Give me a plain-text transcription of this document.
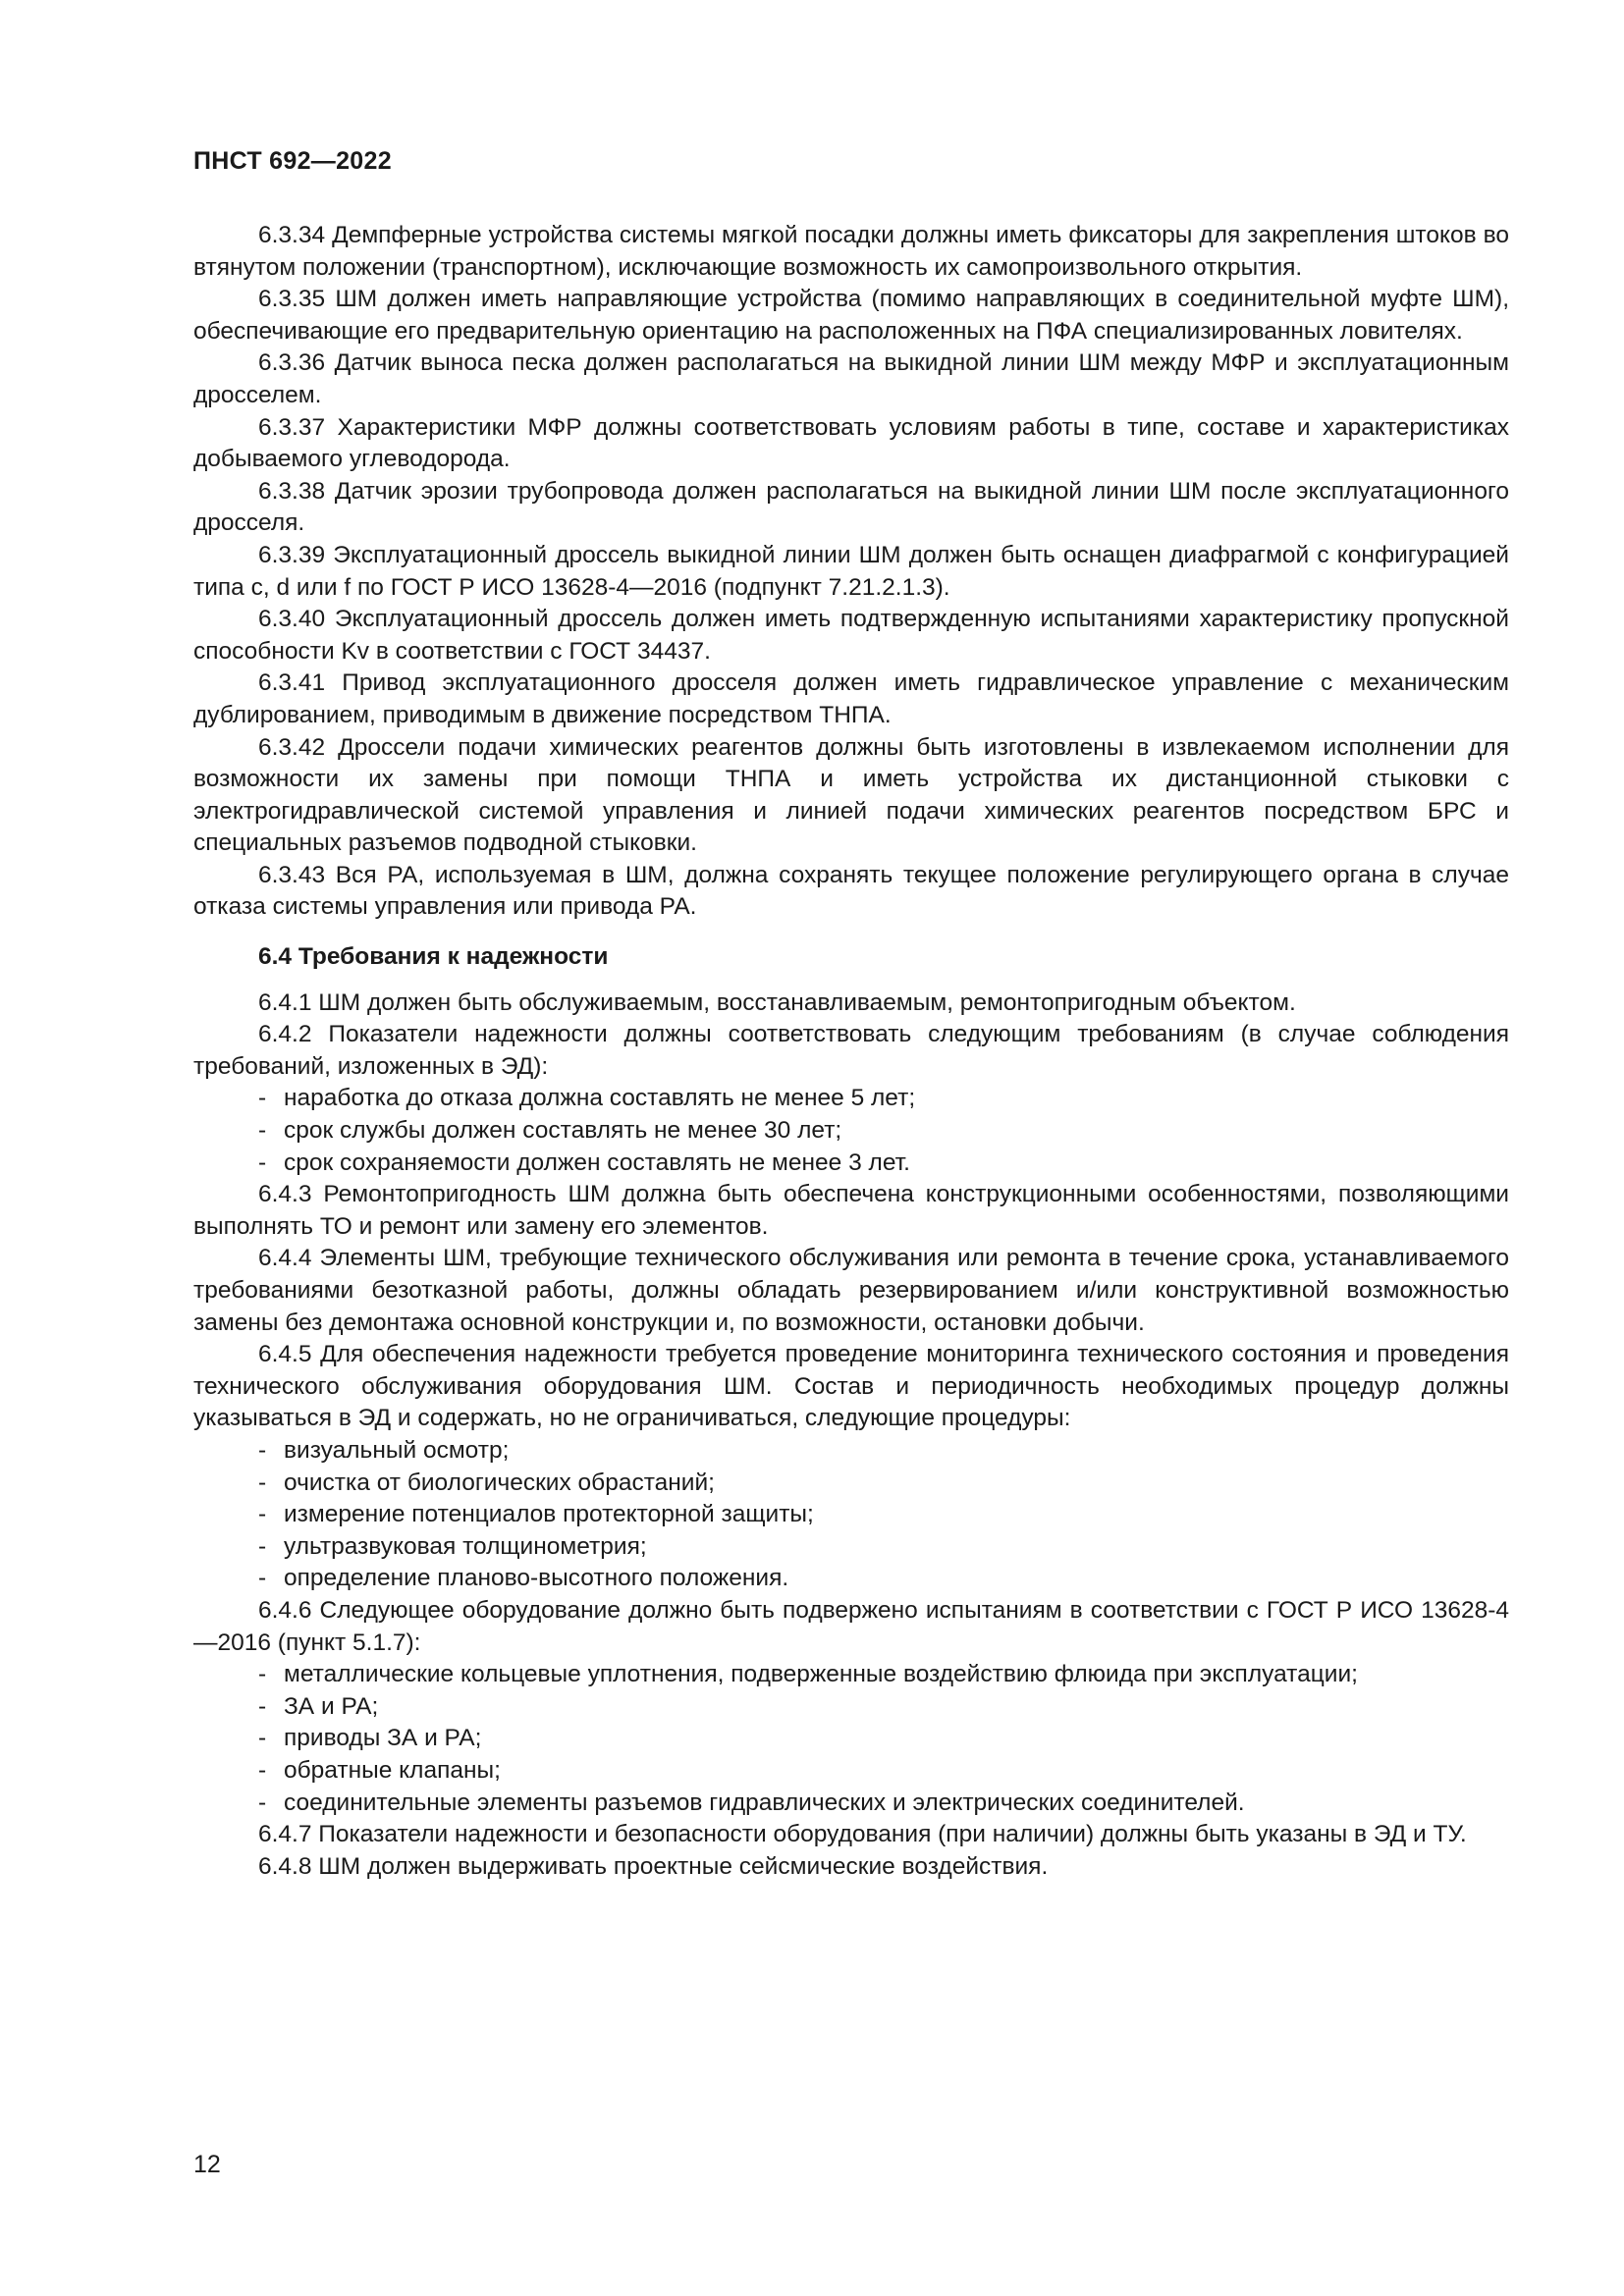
ПНСТ 692—2022

6.3.34 Демпферные устройства системы мягкой посадки должны иметь фиксаторы для закрепления штоков во втянутом положении (транспортном), исключающие возможность их самопроизвольного открытия.

6.3.35 ШМ должен иметь направляющие устройства (помимо направляющих в соединительной муфте ШМ), обеспечивающие его предварительную ориентацию на расположенных на ПФА специализированных ловителях.

6.3.36 Датчик выноса песка должен располагаться на выкидной линии ШМ между МФР и эксплуатационным дросселем.

6.3.37 Характеристики МФР должны соответствовать условиям работы в типе, составе и характеристиках добываемого углеводорода.

6.3.38 Датчик эрозии трубопровода должен располагаться на выкидной линии ШМ после эксплуатационного дросселя.

6.3.39 Эксплуатационный дроссель выкидной линии ШМ должен быть оснащен диафрагмой с конфигурацией типа c, d или f по ГОСТ Р ИСО 13628-4—2016 (подпункт 7.21.2.1.3).

6.3.40 Эксплуатационный дроссель должен иметь подтвержденную испытаниями характеристику пропускной способности Kv в соответствии с ГОСТ 34437.

6.3.41 Привод эксплуатационного дросселя должен иметь гидравлическое управление с механическим дублированием, приводимым в движение посредством ТНПА.

6.3.42 Дроссели подачи химических реагентов должны быть изготовлены в извлекаемом исполнении для возможности их замены при помощи ТНПА и иметь устройства их дистанционной стыковки с электрогидравлической системой управления и линией подачи химических реагентов посредством БРС и специальных разъемов подводной стыковки.

6.3.43 Вся РА, используемая в ШМ, должна сохранять текущее положение регулирующего органа в случае отказа системы управления или привода РА.

6.4 Требования к надежности

6.4.1 ШМ должен быть обслуживаемым, восстанавливаемым, ремонтопригодным объектом.

6.4.2 Показатели надежности должны соответствовать следующим требованиям (в случае соблюдения требований, изложенных в ЭД):

- наработка до отказа должна составлять не менее 5 лет;
- срок службы должен составлять не менее 30 лет;
- срок сохраняемости должен составлять не менее 3 лет.

6.4.3 Ремонтопригодность ШМ должна быть обеспечена конструкционными особенностями, позволяющими выполнять ТО и ремонт или замену его элементов.

6.4.4 Элементы ШМ, требующие технического обслуживания или ремонта в течение срока, устанавливаемого требованиями безотказной работы, должны обладать резервированием и/или конструктивной возможностью замены без демонтажа основной конструкции и, по возможности, остановки добычи.

6.4.5 Для обеспечения надежности требуется проведение мониторинга технического состояния и проведения технического обслуживания оборудования ШМ. Состав и периодичность необходимых процедур должны указываться в ЭД и содержать, но не ограничиваться, следующие процедуры:

- визуальный осмотр;
- очистка от биологических обрастаний;
- измерение потенциалов протекторной защиты;
- ультразвуковая толщинометрия;
- определение планово-высотного положения.

6.4.6 Следующее оборудование должно быть подвержено испытаниям в соответствии с ГОСТ Р ИСО 13628-4—2016 (пункт 5.1.7):

- металлические кольцевые уплотнения, подверженные воздействию флюида при эксплуатации;
- ЗА и РА;
- приводы ЗА и РА;
- обратные клапаны;
- соединительные элементы разъемов гидравлических и электрических соединителей.

6.4.7 Показатели надежности и безопасности оборудования (при наличии) должны быть указаны в ЭД и ТУ.

6.4.8 ШМ должен выдерживать проектные сейсмические воздействия.

12
